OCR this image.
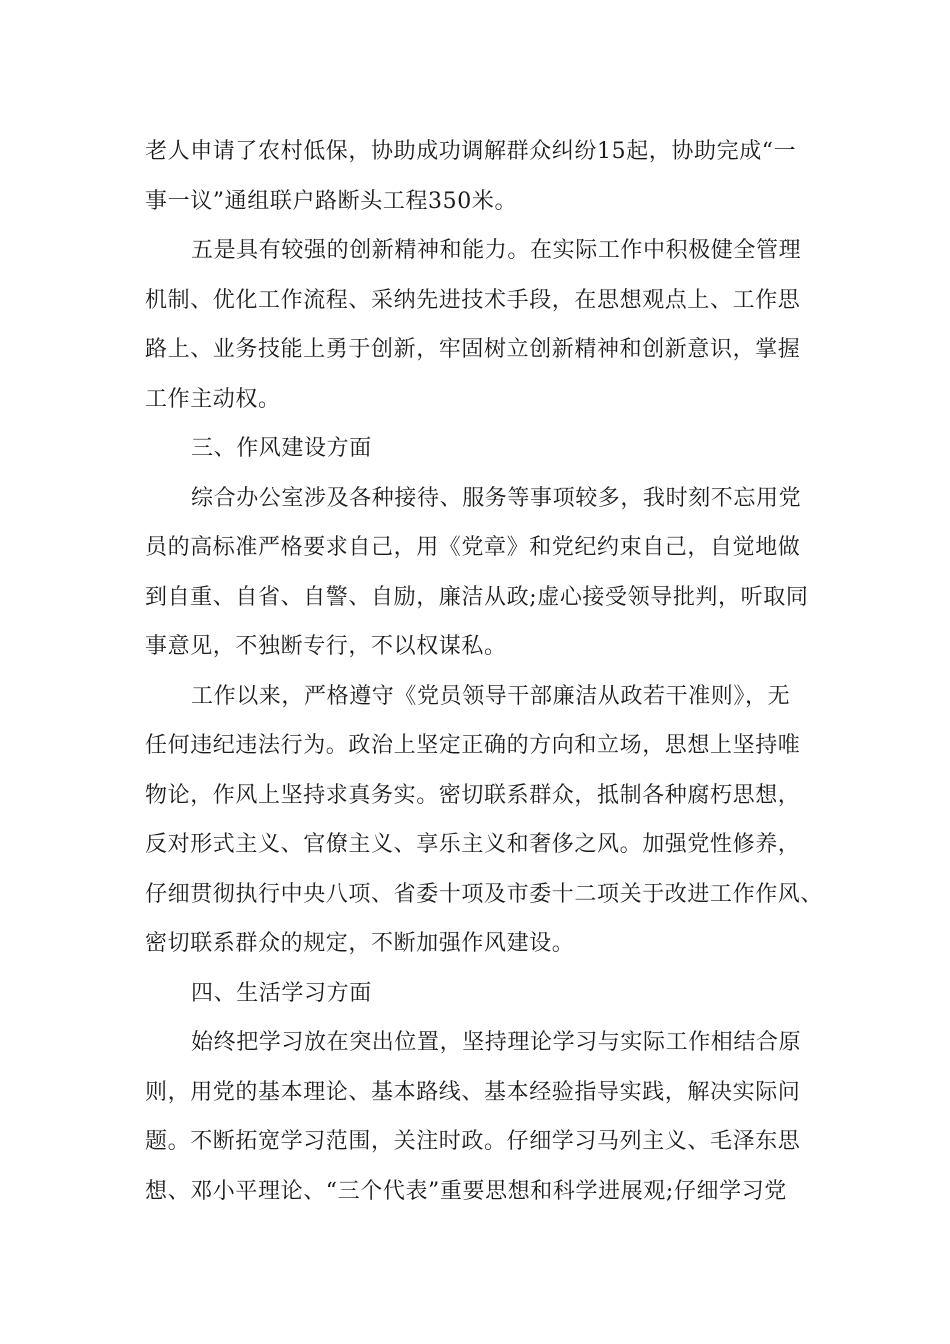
老人申请了农村低保，协助成功调解群众纠纷15起，协助完成“一
事一议”通组联户路断头工程350米。
五是具有较强的创新精神和能力。在实际工作中积极健全管理
机制、优化工作流程、采纳先进技术手段，在思想观点上、工作思
路上、业务技能上勇于创新，牢固树立创新精神和创新意识，掌握
工作主动权。
三、作风建设方面
综合办公室涉及各种接待、服务等事项较多，我时刻不忘用党
员的高标准严格要求自己，用《党章》和党纪约束自己，自觉地做
到自重、自省、自警、自励，廉洁从政;虚心接受领导批判，听取同
事意见，不独断专行，不以权谋私。
工作以来，严格遵守《党员领导干部廉洁从政若干准则》，无
任何违纪违法行为。政治上坚定正确的方向和立场，思想上坚持唯
物论，作风上坚持求真务实。密切联系群众，抵制各种腐朽思想，
反对形式主义、官僚主义、享乐主义和奢侈之风。加强党性修养，
仔细贯彻执行中央八项、省委十项及市委十二项关于改进工作作风、
密切联系群众的规定，不断加强作风建设。
四、生活学习方面
始终把学习放在突出位置，坚持理论学习与实际工作相结合原
则，用党的基本理论、基本路线、基本经验指导实践，解决实际问
题。不断拓宽学习范围，关注时政。仔细学习马列主义、毛泽东思
想、邓小平理论、“三个代表”重要思想和科学进展观;仔细学习党
